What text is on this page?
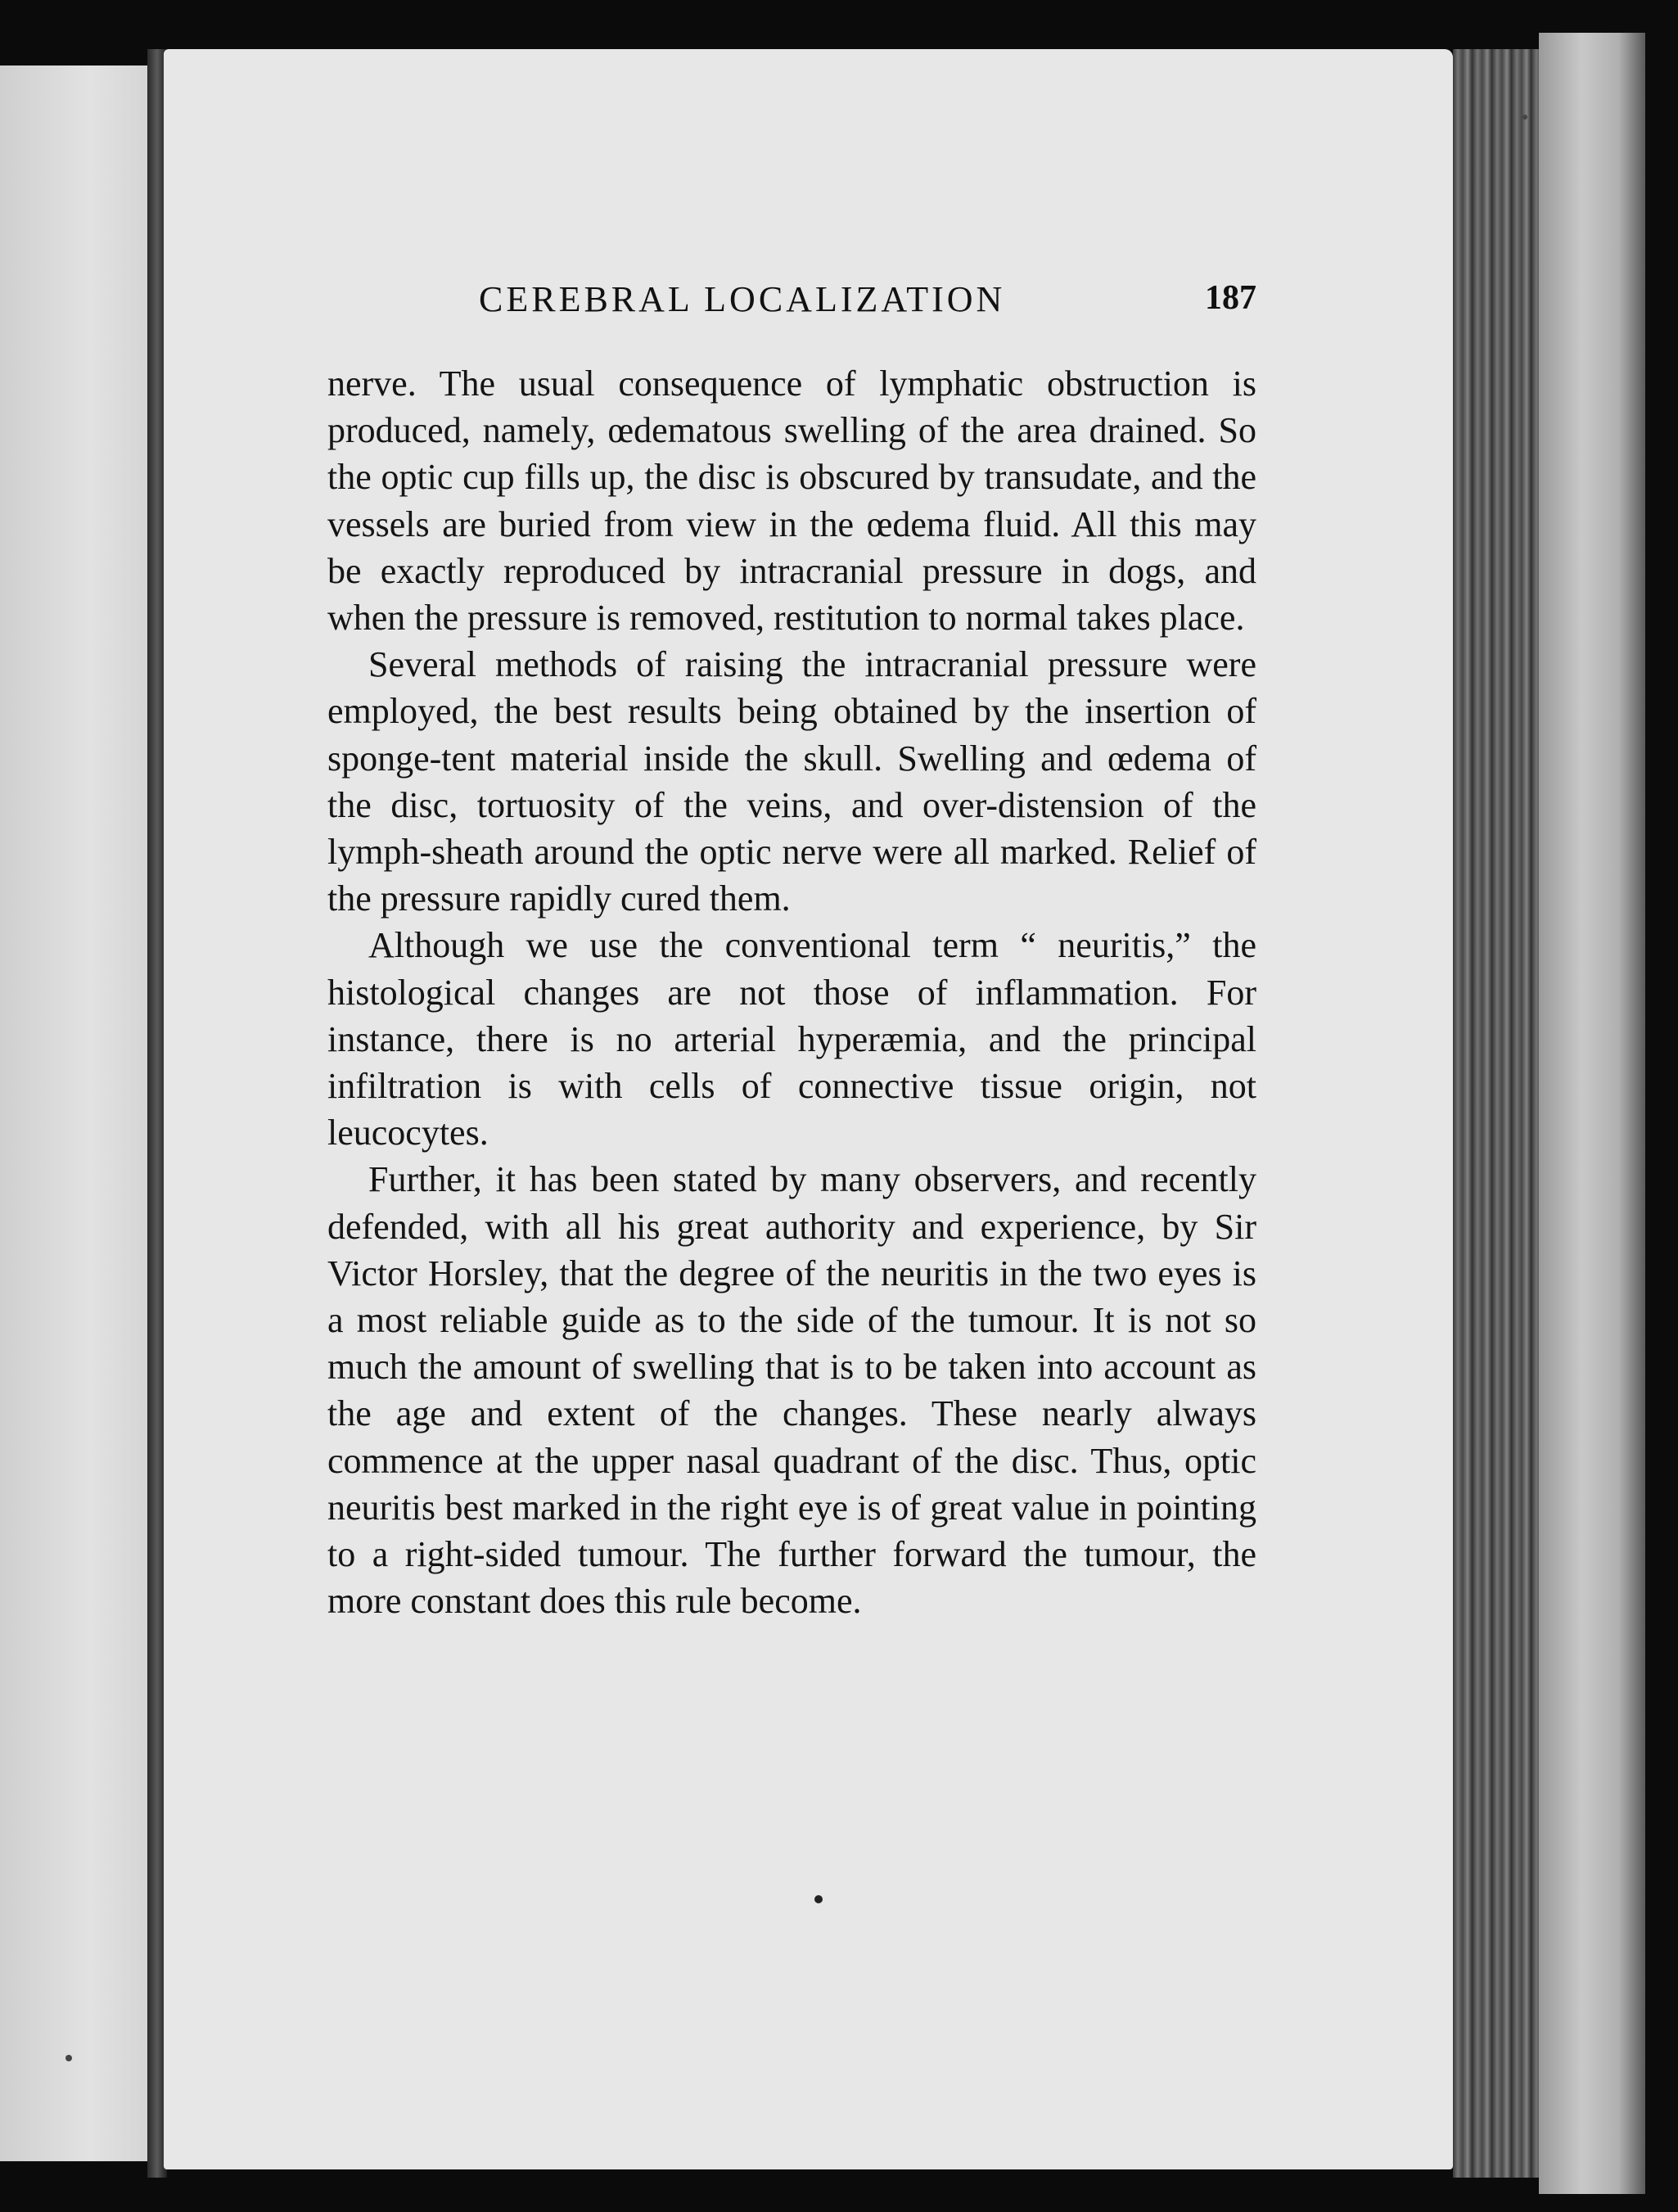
CEREBRAL LOCALIZATION	187

nerve. The usual consequence of lymphatic obstruction is produced, namely, œdematous swelling of the area drained. So the optic cup fills up, the disc is obscured by transudate, and the vessels are buried from view in the œdema fluid. All this may be exactly reproduced by intracranial pressure in dogs, and when the pressure is removed, restitution to normal takes place.

Several methods of raising the intracranial pressure were employed, the best results being obtained by the insertion of sponge-tent material inside the skull. Swelling and œdema of the disc, tortuosity of the veins, and over-distension of the lymph-sheath around the optic nerve were all marked. Relief of the pressure rapidly cured them.

Although we use the conventional term “ neuritis,” the histological changes are not those of inflammation. For instance, there is no arterial hyperæmia, and the principal infiltration is with cells of connective tissue origin, not leucocytes.

Further, it has been stated by many observers, and recently defended, with all his great authority and experience, by Sir Victor Horsley, that the degree of the neuritis in the two eyes is a most reliable guide as to the side of the tumour. It is not so much the amount of swelling that is to be taken into account as the age and extent of the changes. These nearly always commence at the upper nasal quadrant of the disc. Thus, optic neuritis best marked in the right eye is of great value in pointing to a right-sided tumour. The further forward the tumour, the more constant does this rule become.
